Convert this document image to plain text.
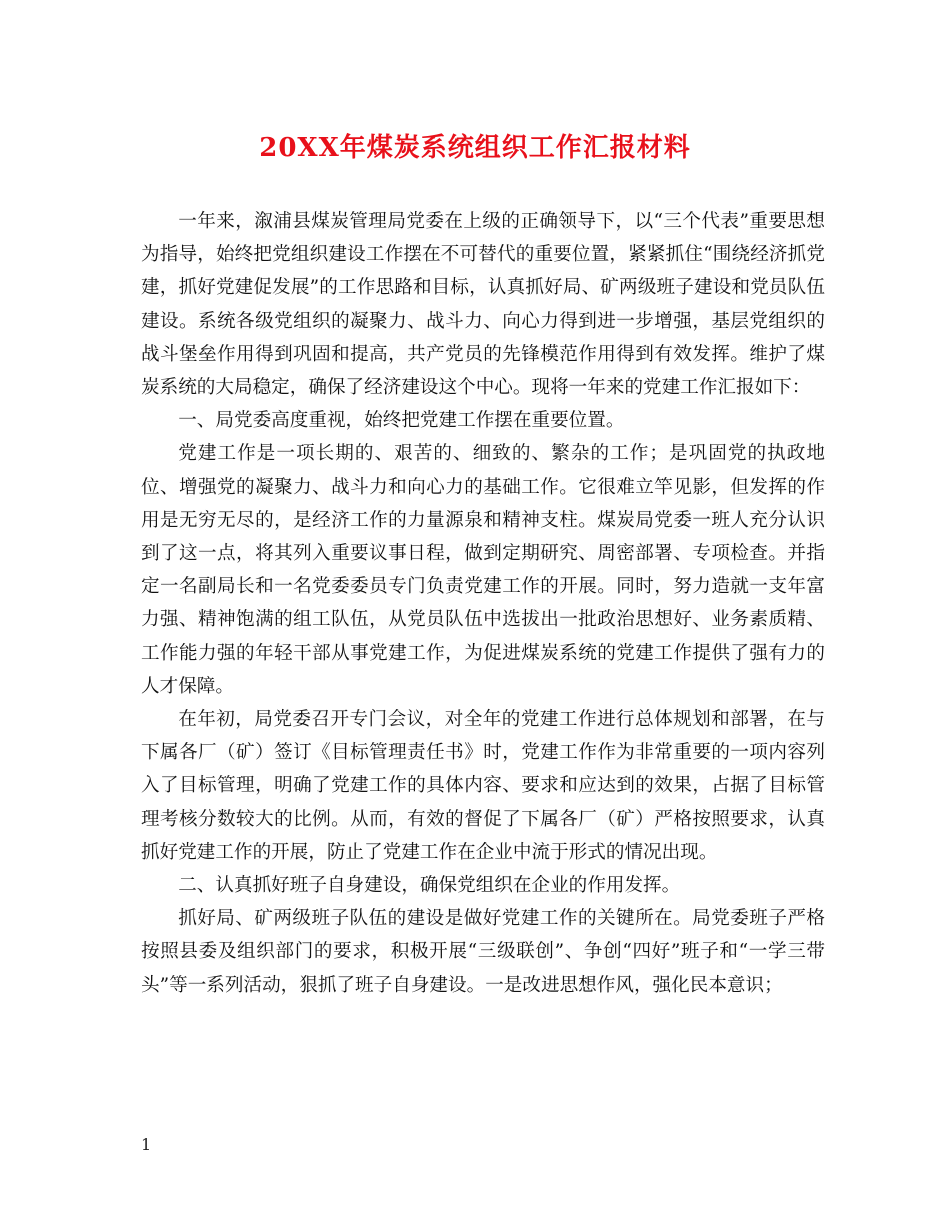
20XX年煤炭系统组织工作汇报材料

一年来，溆浦县煤炭管理局党委在上级的正确领导下，以“三个代表”重要思想为指导，始终把党组织建设工作摆在不可替代的重要位置，紧紧抓住“围绕经济抓党建，抓好党建促发展”的工作思路和目标，认真抓好局、矿两级班子建设和党员队伍建设。系统各级党组织的凝聚力、战斗力、向心力得到进一步增强，基层党组织的战斗堡垒作用得到巩固和提高，共产党员的先锋模范作用得到有效发挥。维护了煤炭系统的大局稳定，确保了经济建设这个中心。现将一年来的党建工作汇报如下：

一、局党委高度重视，始终把党建工作摆在重要位置。

党建工作是一项长期的、艰苦的、细致的、繁杂的工作；是巩固党的执政地位、增强党的凝聚力、战斗力和向心力的基础工作。它很难立竿见影，但发挥的作用是无穷无尽的，是经济工作的力量源泉和精神支柱。煤炭局党委一班人充分认识到了这一点，将其列入重要议事日程，做到定期研究、周密部署、专项检查。并指定一名副局长和一名党委委员专门负责党建工作的开展。同时，努力造就一支年富力强、精神饱满的组工队伍，从党员队伍中选拔出一批政治思想好、业务素质精、工作能力强的年轻干部从事党建工作，为促进煤炭系统的党建工作提供了强有力的人才保障。

在年初，局党委召开专门会议，对全年的党建工作进行总体规划和部署，在与下属各厂（矿）签订《目标管理责任书》时，党建工作作为非常重要的一项内容列入了目标管理，明确了党建工作的具体内容、要求和应达到的效果，占据了目标管理考核分数较大的比例。从而，有效的督促了下属各厂（矿）严格按照要求，认真抓好党建工作的开展，防止了党建工作在企业中流于形式的情况出现。

二、认真抓好班子自身建设，确保党组织在企业的作用发挥。

抓好局、矿两级班子队伍的建设是做好党建工作的关键所在。局党委班子严格按照县委及组织部门的要求，积极开展“三级联创”、争创“四好”班子和“一学三带头”等一系列活动，狠抓了班子自身建设。一是改进思想作风，强化民本意识；

1
